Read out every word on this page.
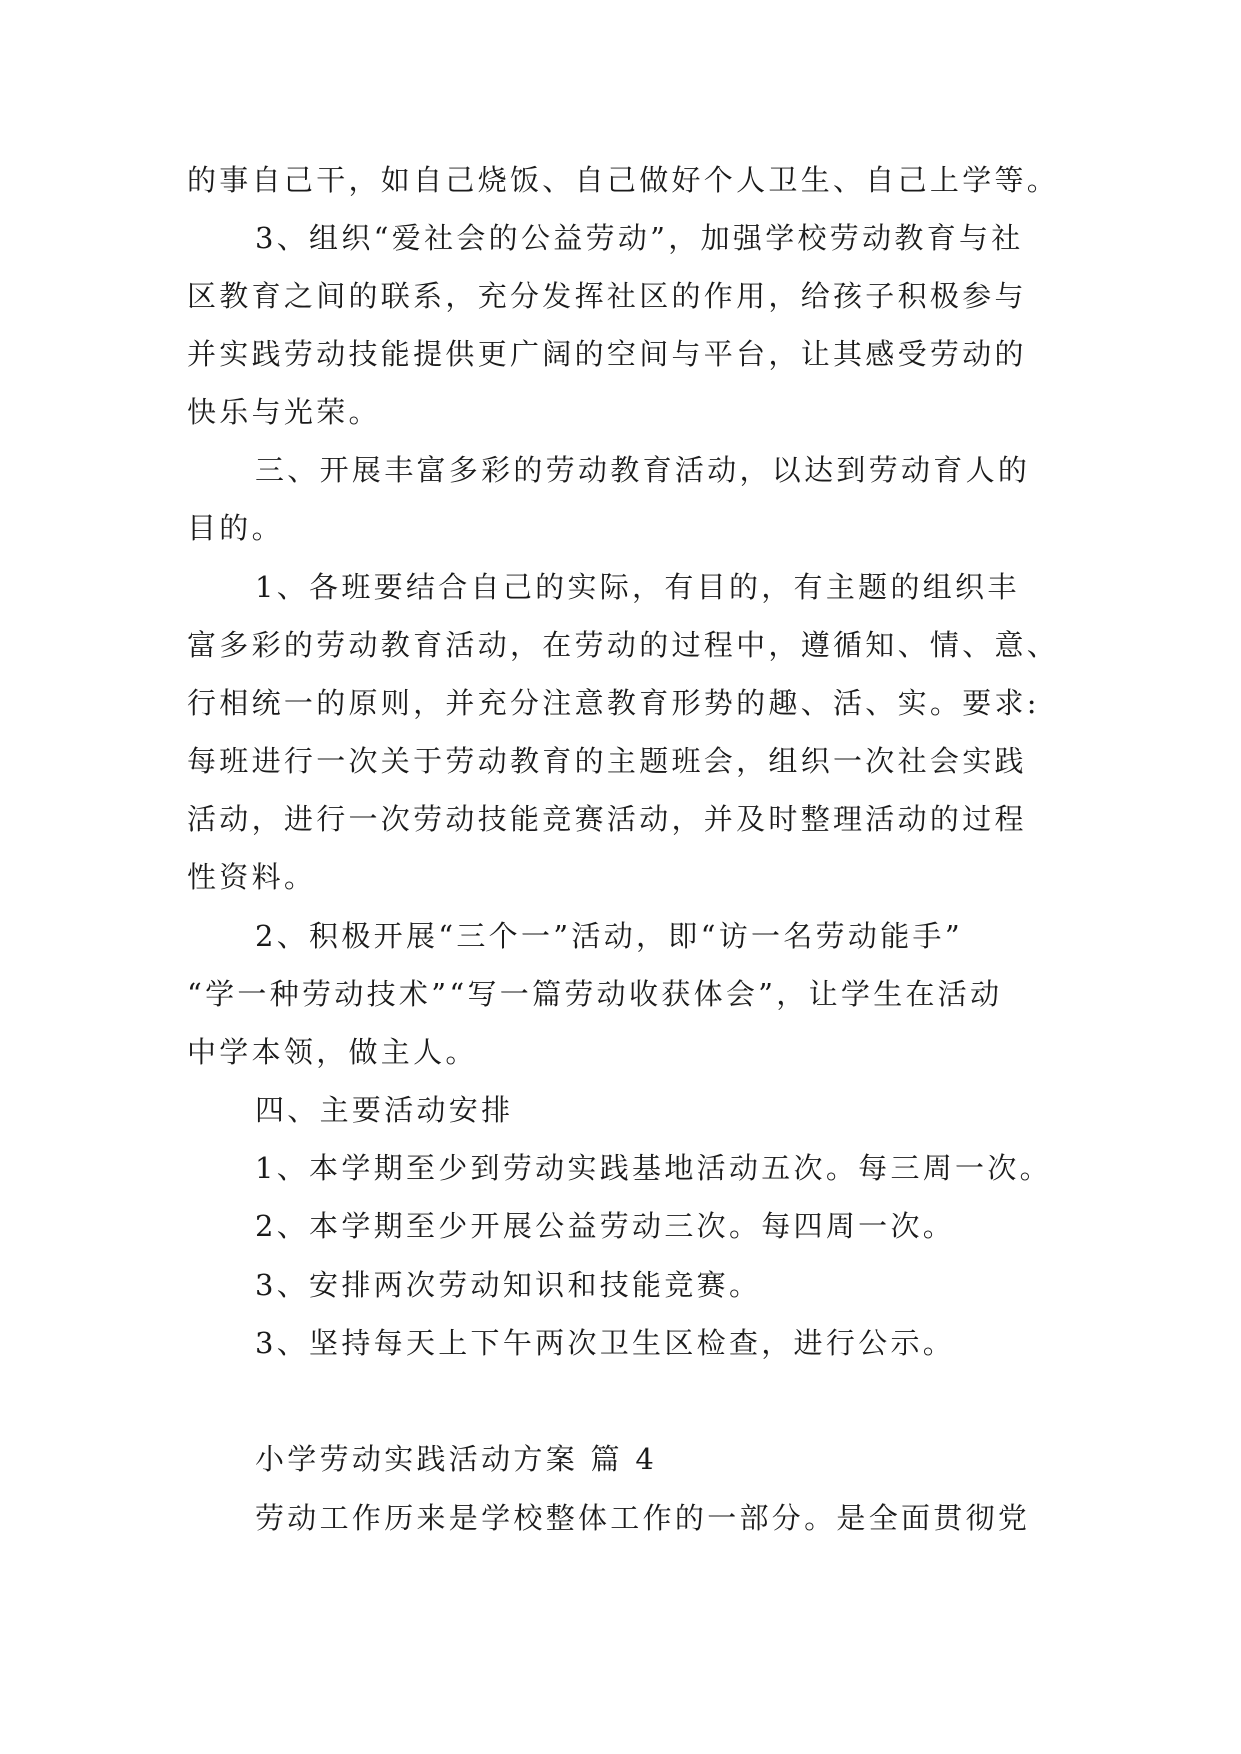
的事自己干，如自己烧饭、自己做好个人卫生、自己上学等。
3、组织“爱社会的公益劳动”，加强学校劳动教育与社
区教育之间的联系，充分发挥社区的作用，给孩子积极参与
并实践劳动技能提供更广阔的空间与平台，让其感受劳动的
快乐与光荣。
三、开展丰富多彩的劳动教育活动，以达到劳动育人的
目的。
1、各班要结合自己的实际，有目的，有主题的组织丰
富多彩的劳动教育活动，在劳动的过程中，遵循知、情、意、
行相统一的原则，并充分注意教育形势的趣、活、实。要求:
每班进行一次关于劳动教育的主题班会，组织一次社会实践
活动，进行一次劳动技能竞赛活动，并及时整理活动的过程
性资料。
2、积极开展“三个一”活动，即“访一名劳动能手”
“学一种劳动技术”“写一篇劳动收获体会”，让学生在活动
中学本领，做主人。
四、主要活动安排
1、本学期至少到劳动实践基地活动五次。每三周一次。
2、本学期至少开展公益劳动三次。每四周一次。
3、安排两次劳动知识和技能竞赛。
3、坚持每天上下午两次卫生区检查，进行公示。
小学劳动实践活动方案 篇 4
劳动工作历来是学校整体工作的一部分。是全面贯彻党
